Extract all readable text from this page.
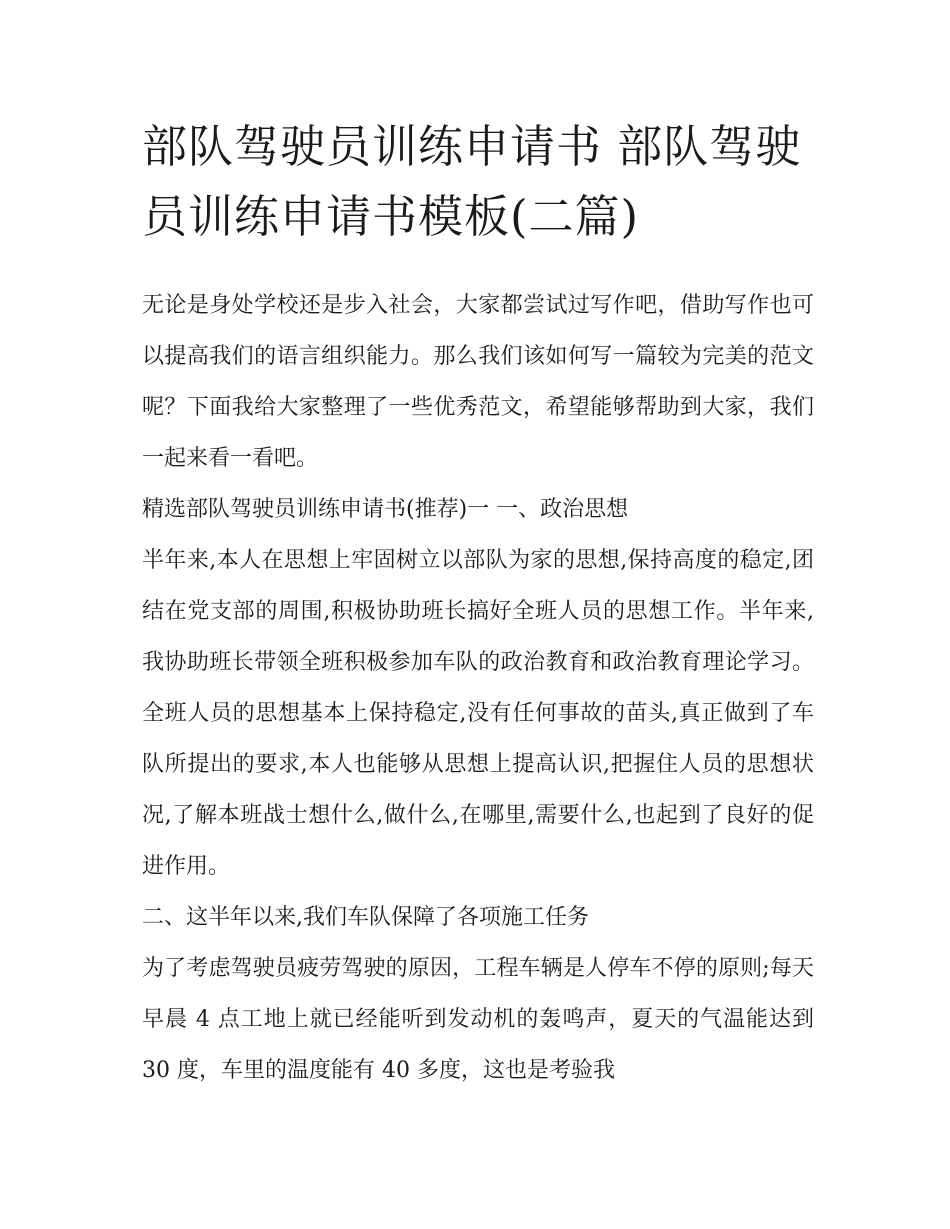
部队驾驶员训练申请书 部队驾驶员训练申请书模板(二篇)

无论是身处学校还是步入社会，大家都尝试过写作吧，借助写作也可以提高我们的语言组织能力。那么我们该如何写一篇较为完美的范文呢？下面我给大家整理了一些优秀范文，希望能够帮助到大家，我们一起来看一看吧。

精选部队驾驶员训练申请书(推荐)一 一、政治思想

半年来,本人在思想上牢固树立以部队为家的思想,保持高度的稳定,团结在党支部的周围,积极协助班长搞好全班人员的思想工作。半年来,我协助班长带领全班积极参加车队的政治教育和政治教育理论学习。全班人员的思想基本上保持稳定,没有任何事故的苗头,真正做到了车队所提出的要求,本人也能够从思想上提高认识,把握住人员的思想状况,了解本班战士想什么,做什么,在哪里,需要什么,也起到了良好的促进作用。

二、这半年以来,我们车队保障了各项施工任务

为了考虑驾驶员疲劳驾驶的原因，工程车辆是人停车不停的原则;每天早晨 4 点工地上就已经能听到发动机的轰鸣声，夏天的气温能达到 30 度，车里的温度能有 40 多度，这也是考验我
